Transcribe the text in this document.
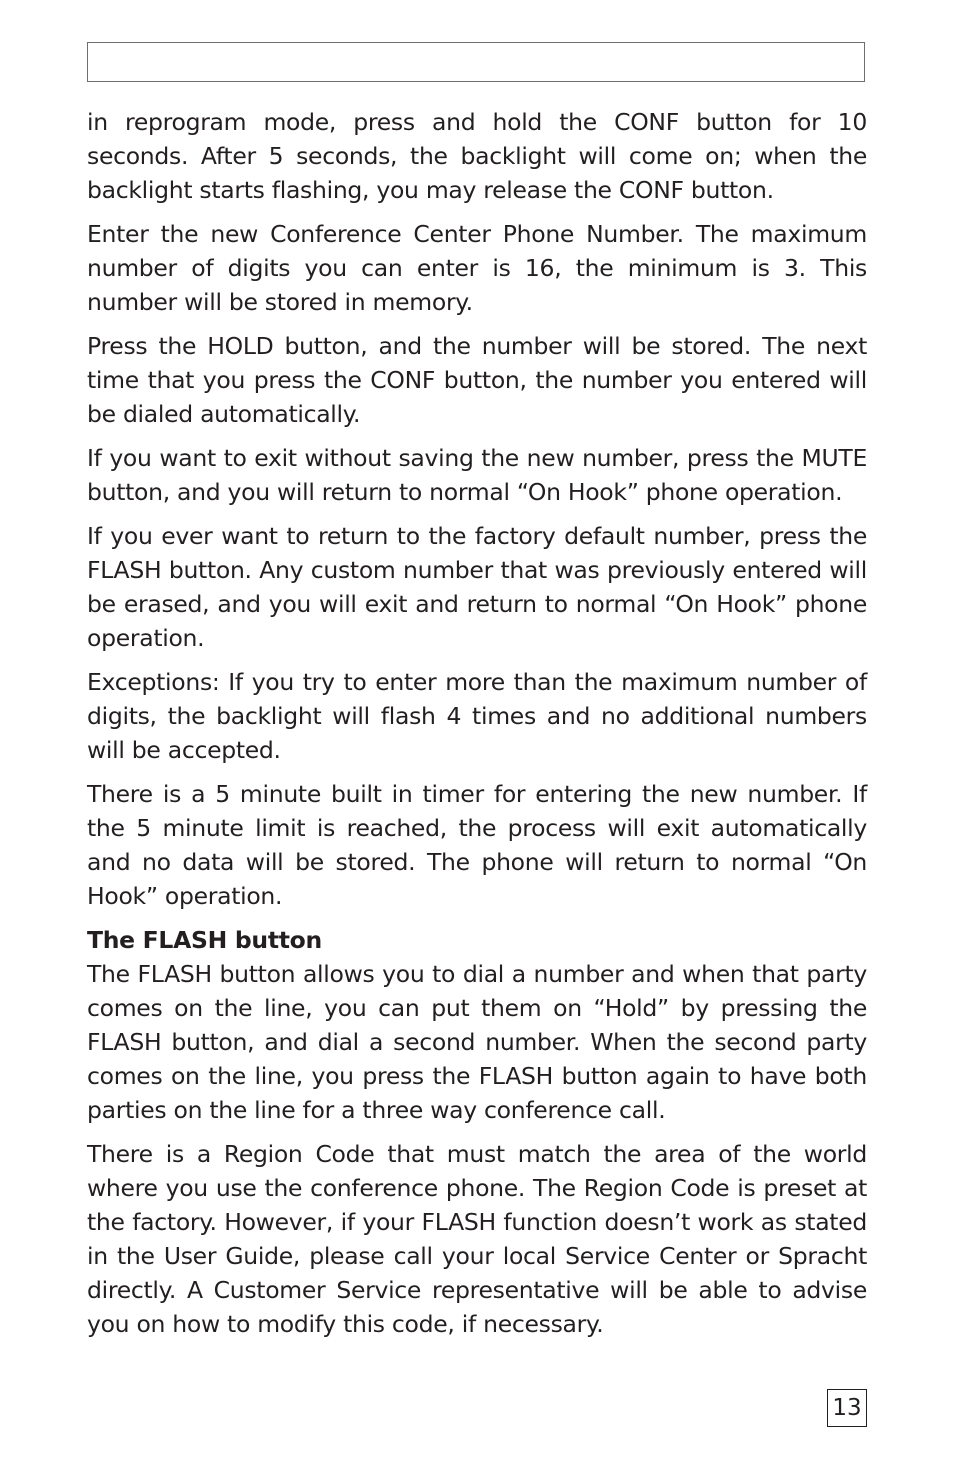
in reprogram mode, press and hold the CONF button for 10 seconds. After 5 seconds, the backlight will come on; when the backlight starts flashing, you may release the CONF button.

Enter the new Conference Center Phone Number. The maximum number of digits you can enter is 16, the minimum is 3. This number will be stored in memory.

Press the HOLD button, and the number will be stored. The next time that you press the CONF button, the number you entered will be dialed automatically.

If you want to exit without saving the new number, press the MUTE button, and you will return to normal “On Hook” phone operation.

If you ever want to return to the factory default number, press the FLASH button. Any custom number that was previously entered will be erased, and you will exit and return to normal “On Hook” phone operation.

Exceptions: If you try to enter more than the maximum number of digits, the backlight will flash 4 times and no additional numbers will be accepted.

There is a 5 minute built in timer for entering the new number. If the 5 minute limit is reached, the process will exit automatically and no data will be stored. The phone will return to normal “On Hook” operation.

The FLASH button

The FLASH button allows you to dial a number and when that party comes on the line, you can put them on “Hold” by pressing the FLASH button, and dial a second number. When the second party comes on the line, you press the FLASH button again to have both parties on the line for a three way conference call.

There is a Region Code that must match the area of the world where you use the conference phone. The Region Code is preset at the factory. However, if your FLASH function doesn’t work as stated in the User Guide, please call your local Service Center or Spracht directly. A Customer Service representative will be able to advise you on how to modify this code, if necessary.

13
